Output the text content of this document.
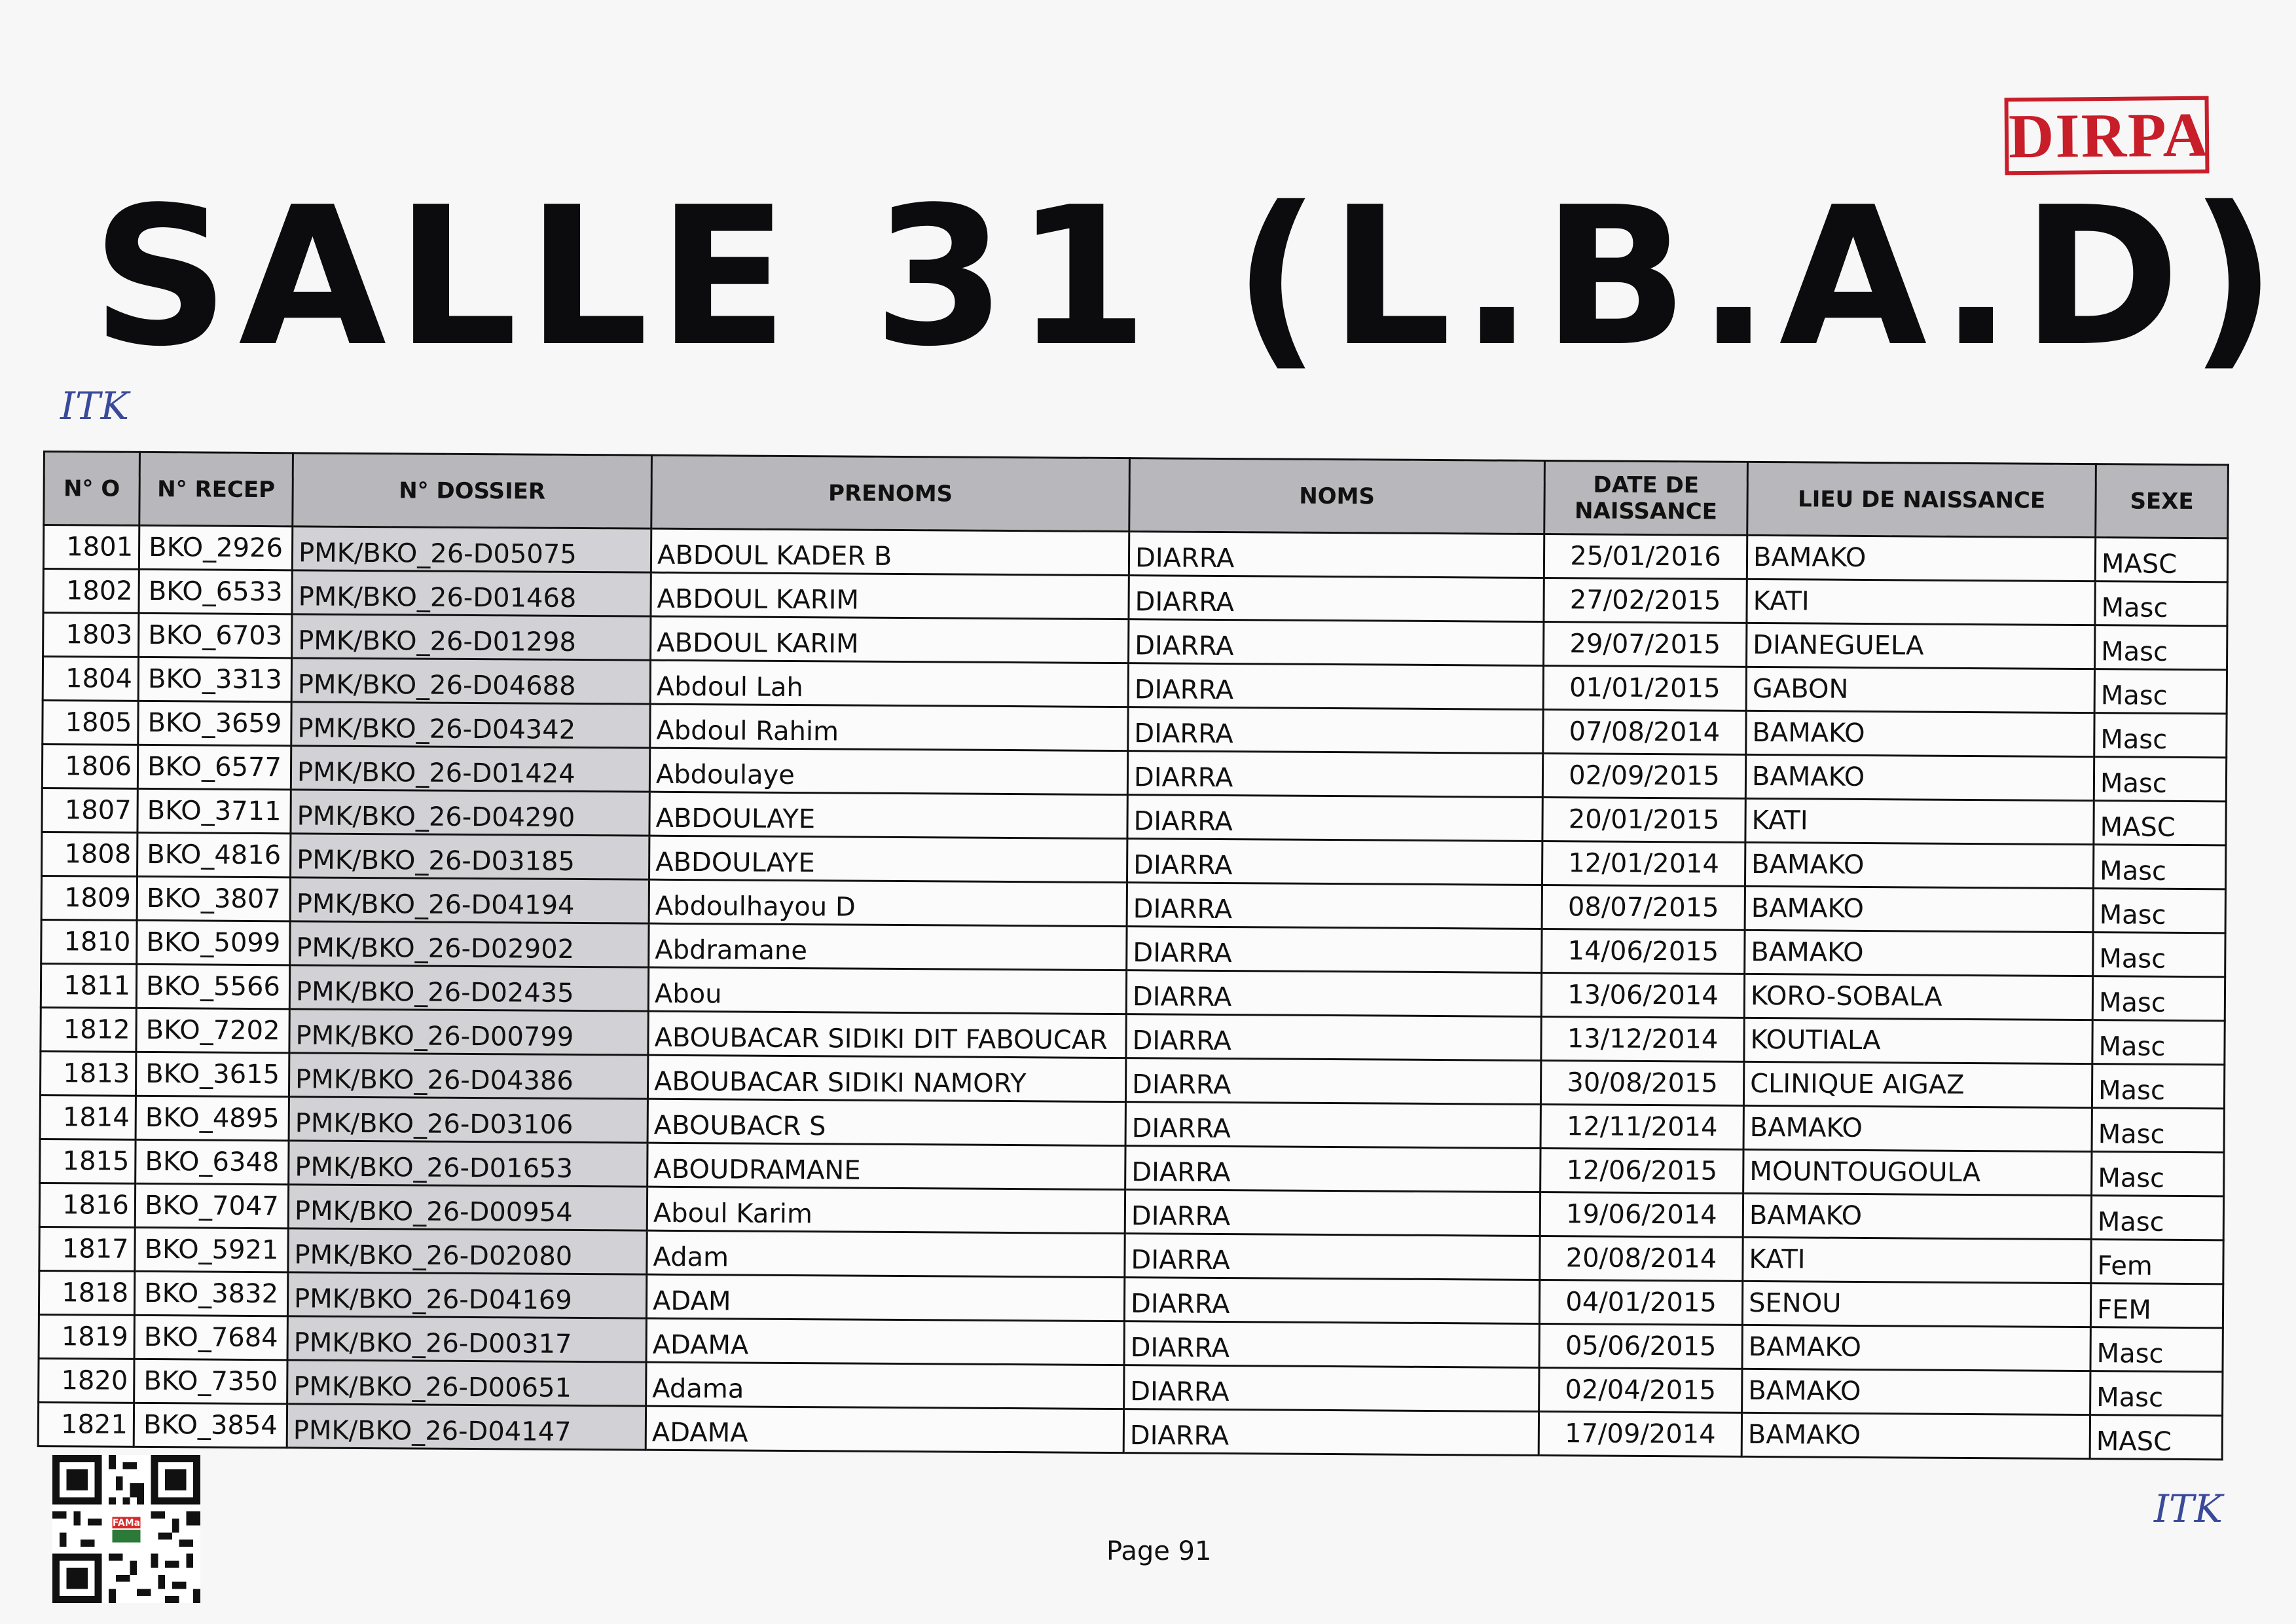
DIRPA
SALLE 31 (L.B.A.D)
ITK
N° O	N° RECEP	N° DOSSIER	PRENOMS	NOMS	DATE DE NAISSANCE	LIEU DE NAISSANCE	SEXE
1801	BKO_2926	PMK/BKO_26-D05075	ABDOUL KADER B	DIARRA	25/01/2016	BAMAKO	MASC
1802	BKO_6533	PMK/BKO_26-D01468	ABDOUL KARIM	DIARRA	27/02/2015	KATI	Masc
1803	BKO_6703	PMK/BKO_26-D01298	ABDOUL KARIM	DIARRA	29/07/2015	DIANEGUELA	Masc
1804	BKO_3313	PMK/BKO_26-D04688	Abdoul Lah	DIARRA	01/01/2015	GABON	Masc
1805	BKO_3659	PMK/BKO_26-D04342	Abdoul Rahim	DIARRA	07/08/2014	BAMAKO	Masc
1806	BKO_6577	PMK/BKO_26-D01424	Abdoulaye	DIARRA	02/09/2015	BAMAKO	Masc
1807	BKO_3711	PMK/BKO_26-D04290	ABDOULAYE	DIARRA	20/01/2015	KATI	MASC
1808	BKO_4816	PMK/BKO_26-D03185	ABDOULAYE	DIARRA	12/01/2014	BAMAKO	Masc
1809	BKO_3807	PMK/BKO_26-D04194	Abdoulhayou D	DIARRA	08/07/2015	BAMAKO	Masc
1810	BKO_5099	PMK/BKO_26-D02902	Abdramane	DIARRA	14/06/2015	BAMAKO	Masc
1811	BKO_5566	PMK/BKO_26-D02435	Abou	DIARRA	13/06/2014	KORO-SOBALA	Masc
1812	BKO_7202	PMK/BKO_26-D00799	ABOUBACAR SIDIKI DIT FABOUCAR	DIARRA	13/12/2014	KOUTIALA	Masc
1813	BKO_3615	PMK/BKO_26-D04386	ABOUBACAR SIDIKI NAMORY	DIARRA	30/08/2015	CLINIQUE AIGAZ	Masc
1814	BKO_4895	PMK/BKO_26-D03106	ABOUBACR S	DIARRA	12/11/2014	BAMAKO	Masc
1815	BKO_6348	PMK/BKO_26-D01653	ABOUDRAMANE	DIARRA	12/06/2015	MOUNTOUGOULA	Masc
1816	BKO_7047	PMK/BKO_26-D00954	Aboul Karim	DIARRA	19/06/2014	BAMAKO	Masc
1817	BKO_5921	PMK/BKO_26-D02080	Adam	DIARRA	20/08/2014	KATI	Fem
1818	BKO_3832	PMK/BKO_26-D04169	ADAM	DIARRA	04/01/2015	SENOU	FEM
1819	BKO_7684	PMK/BKO_26-D00317	ADAMA	DIARRA	05/06/2015	BAMAKO	Masc
1820	BKO_7350	PMK/BKO_26-D00651	Adama	DIARRA	02/04/2015	BAMAKO	Masc
1821	BKO_3854	PMK/BKO_26-D04147	ADAMA	DIARRA	17/09/2014	BAMAKO	MASC
ITK
FAMa
Page 91
